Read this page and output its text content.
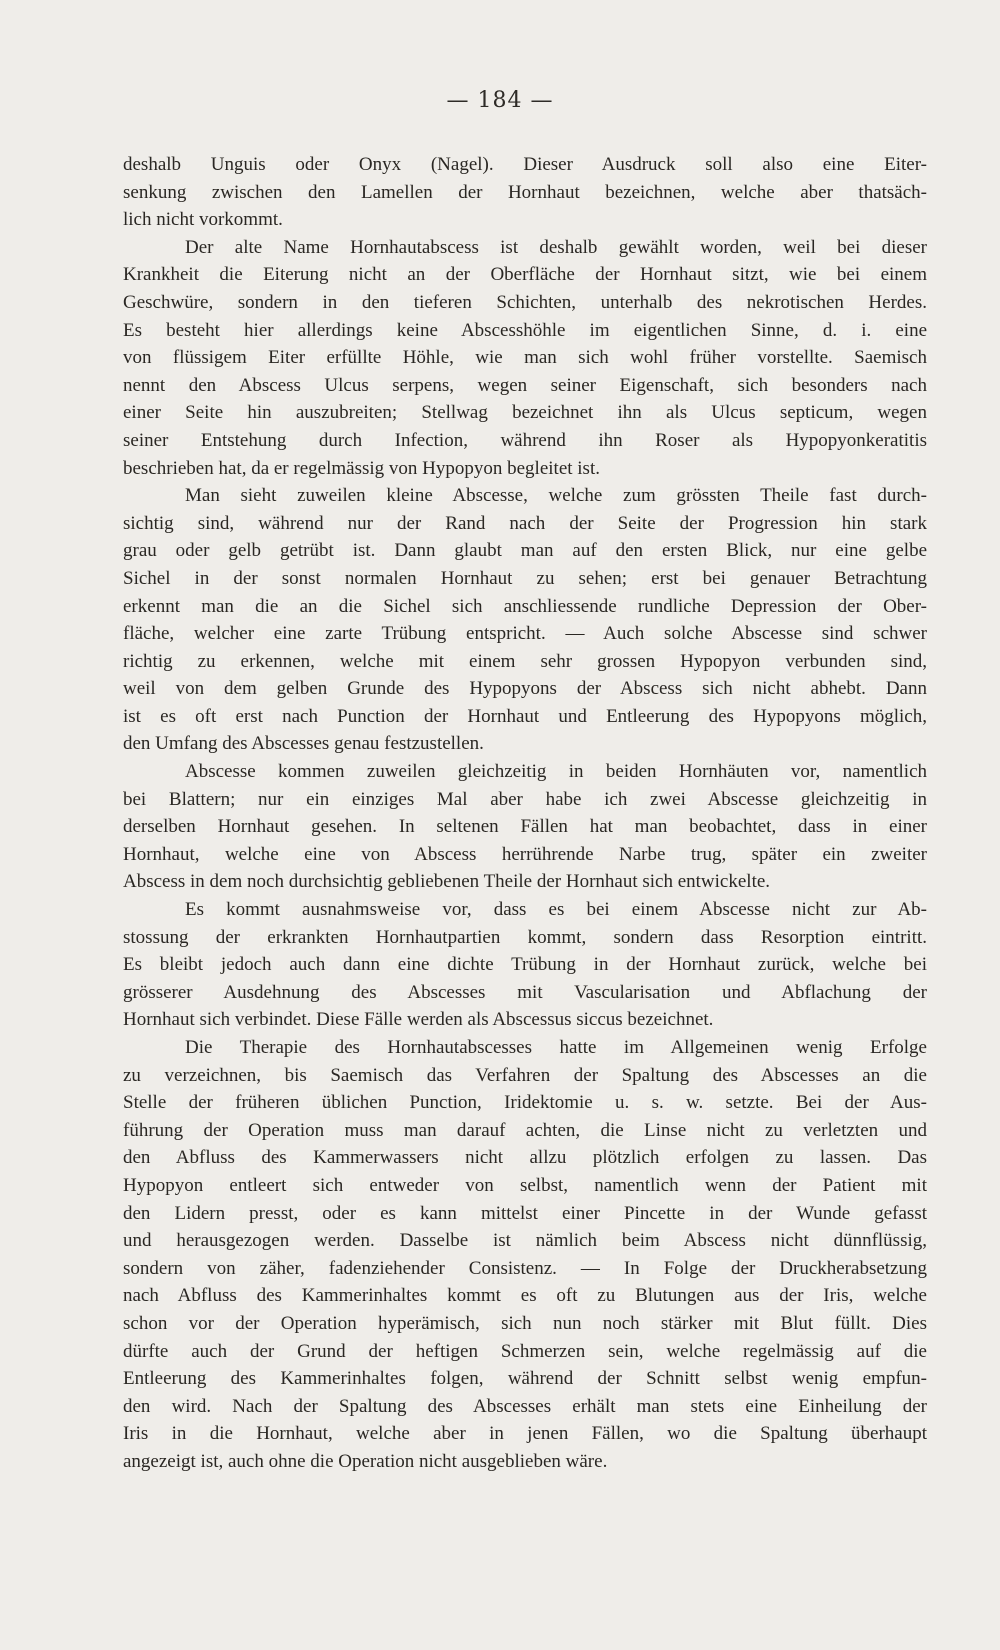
— 184 —
deshalb Unguis oder Onyx (Nagel). Dieser Ausdruck soll also eine Eiter-
senkung zwischen den Lamellen der Hornhaut bezeichnen, welche aber thatsäch-
lich nicht vorkommt.
Der alte Name Hornhautabscess ist deshalb gewählt worden, weil bei dieser
Krankheit die Eiterung nicht an der Oberfläche der Hornhaut sitzt, wie bei einem
Geschwüre, sondern in den tieferen Schichten, unterhalb des nekrotischen Herdes.
Es besteht hier allerdings keine Abscesshöhle im eigentlichen Sinne, d. i. eine
von flüssigem Eiter erfüllte Höhle, wie man sich wohl früher vorstellte. Saemisch
nennt den Abscess Ulcus serpens, wegen seiner Eigenschaft, sich besonders nach
einer Seite hin auszubreiten; Stellwag bezeichnet ihn als Ulcus septicum, wegen
seiner Entstehung durch Infection, während ihn Roser als Hypopyonkeratitis
beschrieben hat, da er regelmässig von Hypopyon begleitet ist.
Man sieht zuweilen kleine Abscesse, welche zum grössten Theile fast durch-
sichtig sind, während nur der Rand nach der Seite der Progression hin stark
grau oder gelb getrübt ist. Dann glaubt man auf den ersten Blick, nur eine gelbe
Sichel in der sonst normalen Hornhaut zu sehen; erst bei genauer Betrachtung
erkennt man die an die Sichel sich anschliessende rundliche Depression der Ober-
fläche, welcher eine zarte Trübung entspricht. — Auch solche Abscesse sind schwer
richtig zu erkennen, welche mit einem sehr grossen Hypopyon verbunden sind,
weil von dem gelben Grunde des Hypopyons der Abscess sich nicht abhebt. Dann
ist es oft erst nach Punction der Hornhaut und Entleerung des Hypopyons möglich,
den Umfang des Abscesses genau festzustellen.
Abscesse kommen zuweilen gleichzeitig in beiden Hornhäuten vor, namentlich
bei Blattern; nur ein einziges Mal aber habe ich zwei Abscesse gleichzeitig in
derselben Hornhaut gesehen. In seltenen Fällen hat man beobachtet, dass in einer
Hornhaut, welche eine von Abscess herrührende Narbe trug, später ein zweiter
Abscess in dem noch durchsichtig gebliebenen Theile der Hornhaut sich entwickelte.
Es kommt ausnahmsweise vor, dass es bei einem Abscesse nicht zur Ab-
stossung der erkrankten Hornhautpartien kommt, sondern dass Resorption eintritt.
Es bleibt jedoch auch dann eine dichte Trübung in der Hornhaut zurück, welche bei
grösserer Ausdehnung des Abscesses mit Vascularisation und Abflachung der
Hornhaut sich verbindet. Diese Fälle werden als Abscessus siccus bezeichnet.
Die Therapie des Hornhautabscesses hatte im Allgemeinen wenig Erfolge
zu verzeichnen, bis Saemisch das Verfahren der Spaltung des Abscesses an die
Stelle der früheren üblichen Punction, Iridektomie u. s. w. setzte. Bei der Aus-
führung der Operation muss man darauf achten, die Linse nicht zu verletzten und
den Abfluss des Kammerwassers nicht allzu plötzlich erfolgen zu lassen. Das
Hypopyon entleert sich entweder von selbst, namentlich wenn der Patient mit
den Lidern presst, oder es kann mittelst einer Pincette in der Wunde gefasst
und herausgezogen werden. Dasselbe ist nämlich beim Abscess nicht dünnflüssig,
sondern von zäher, fadenziehender Consistenz. — In Folge der Druckherabsetzung
nach Abfluss des Kammerinhaltes kommt es oft zu Blutungen aus der Iris, welche
schon vor der Operation hyperämisch, sich nun noch stärker mit Blut füllt. Dies
dürfte auch der Grund der heftigen Schmerzen sein, welche regelmässig auf die
Entleerung des Kammerinhaltes folgen, während der Schnitt selbst wenig empfun-
den wird. Nach der Spaltung des Abscesses erhält man stets eine Einheilung der
Iris in die Hornhaut, welche aber in jenen Fällen, wo die Spaltung überhaupt
angezeigt ist, auch ohne die Operation nicht ausgeblieben wäre.
